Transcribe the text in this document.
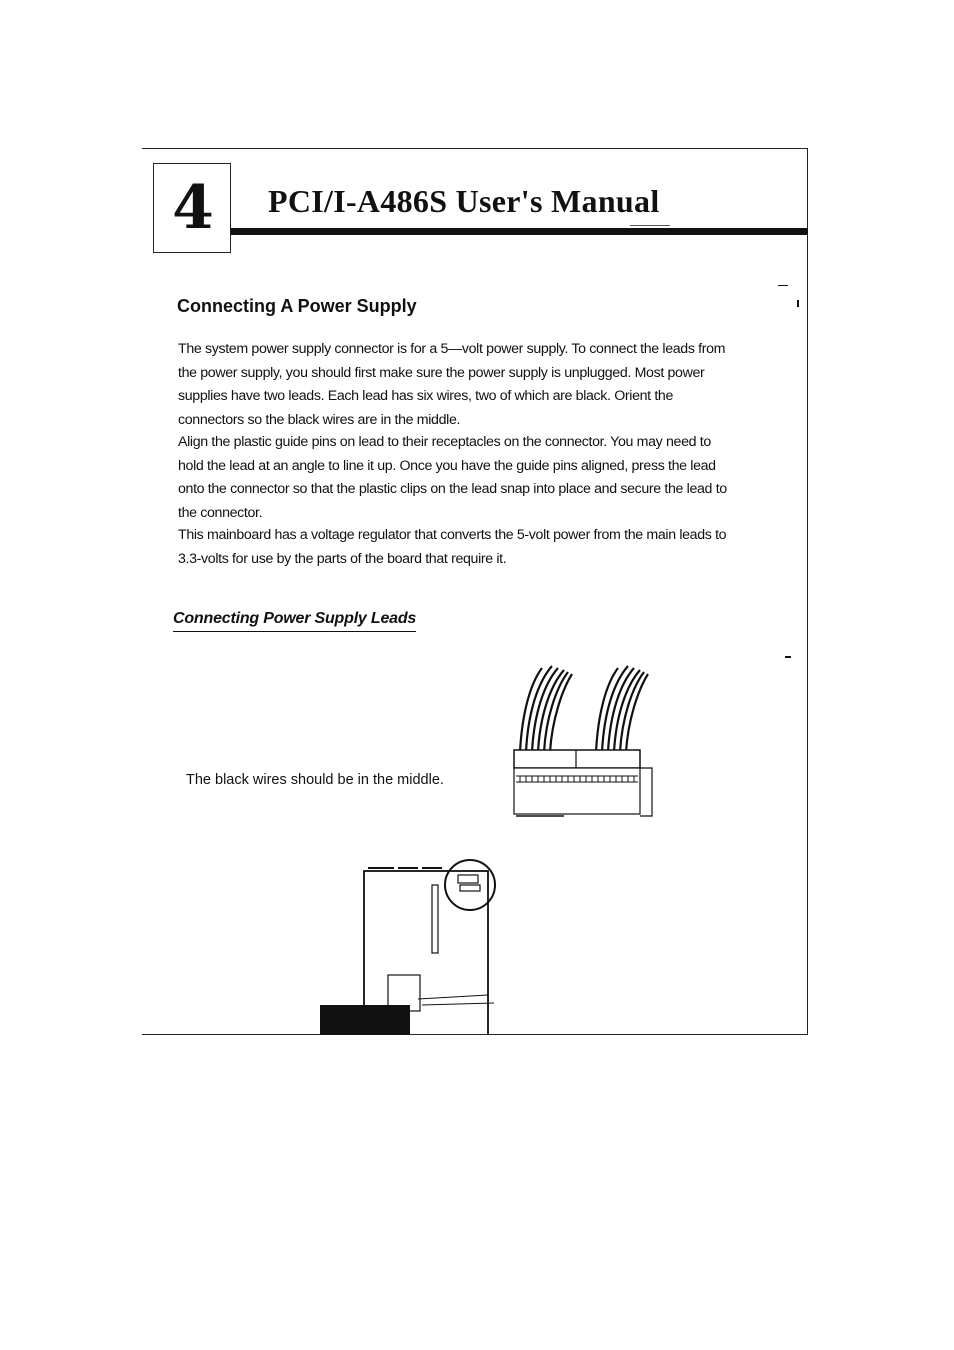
4	PCI/I-A486S User's Manual
Connecting A Power Supply

The system power supply connector is for a 5—volt power supply. To connect the leads from the power supply, you should first make sure the power supply is unplugged. Most power supplies have two leads. Each lead has six wires, two of which are black. Orient the connectors so the black wires are in the middle.

Align the plastic guide pins on lead to their receptacles on the connector. You may need to hold the lead at an angle to line it up. Once you have the guide pins aligned, press the lead onto the connector so that the plastic clips on the lead snap into place and secure the lead to the connector.

This mainboard has a voltage regulator that converts the 5-volt power from the main leads to 3.3-volts for use by the parts of the board that require it.

Connecting Power Supply Leads

The black wires should be in the middle.
